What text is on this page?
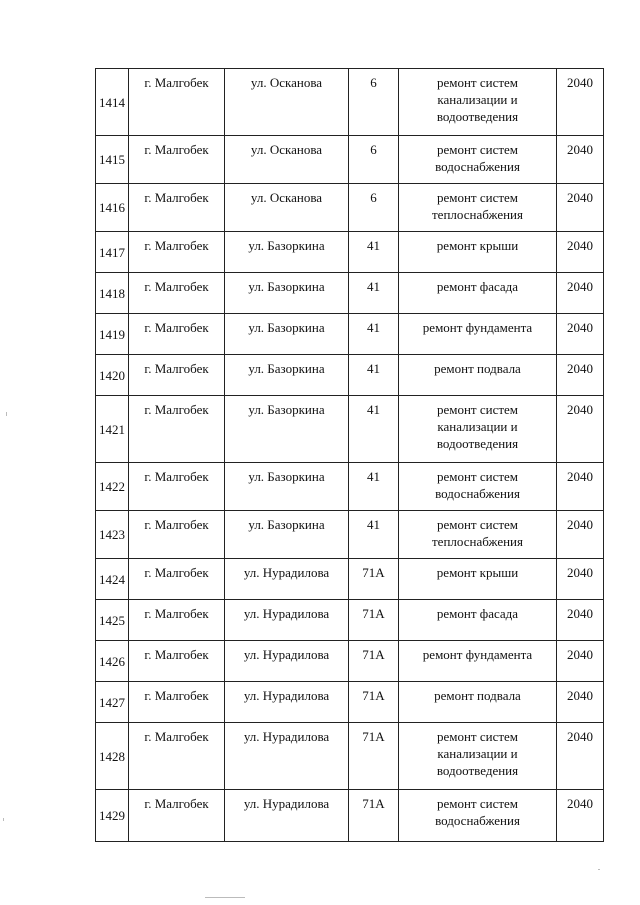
1414	г. Малгобек	ул. Осканова	6	ремонт систем канализации и водоотведения	2040
1415	г. Малгобек	ул. Осканова	6	ремонт систем водоснабжения	2040
1416	г. Малгобек	ул. Осканова	6	ремонт систем теплоснабжения	2040
1417	г. Малгобек	ул. Базоркина	41	ремонт крыши	2040
1418	г. Малгобек	ул. Базоркина	41	ремонт фасада	2040
1419	г. Малгобек	ул. Базоркина	41	ремонт фундамента	2040
1420	г. Малгобек	ул. Базоркина	41	ремонт подвала	2040
1421	г. Малгобек	ул. Базоркина	41	ремонт систем канализации и водоотведения	2040
1422	г. Малгобек	ул. Базоркина	41	ремонт систем водоснабжения	2040
1423	г. Малгобек	ул. Базоркина	41	ремонт систем теплоснабжения	2040
1424	г. Малгобек	ул. Нурадилова	71А	ремонт крыши	2040
1425	г. Малгобек	ул. Нурадилова	71А	ремонт фасада	2040
1426	г. Малгобек	ул. Нурадилова	71А	ремонт фундамента	2040
1427	г. Малгобек	ул. Нурадилова	71А	ремонт подвала	2040
1428	г. Малгобек	ул. Нурадилова	71А	ремонт систем канализации и водоотведения	2040
1429	г. Малгобек	ул. Нурадилова	71А	ремонт систем водоснабжения	2040
